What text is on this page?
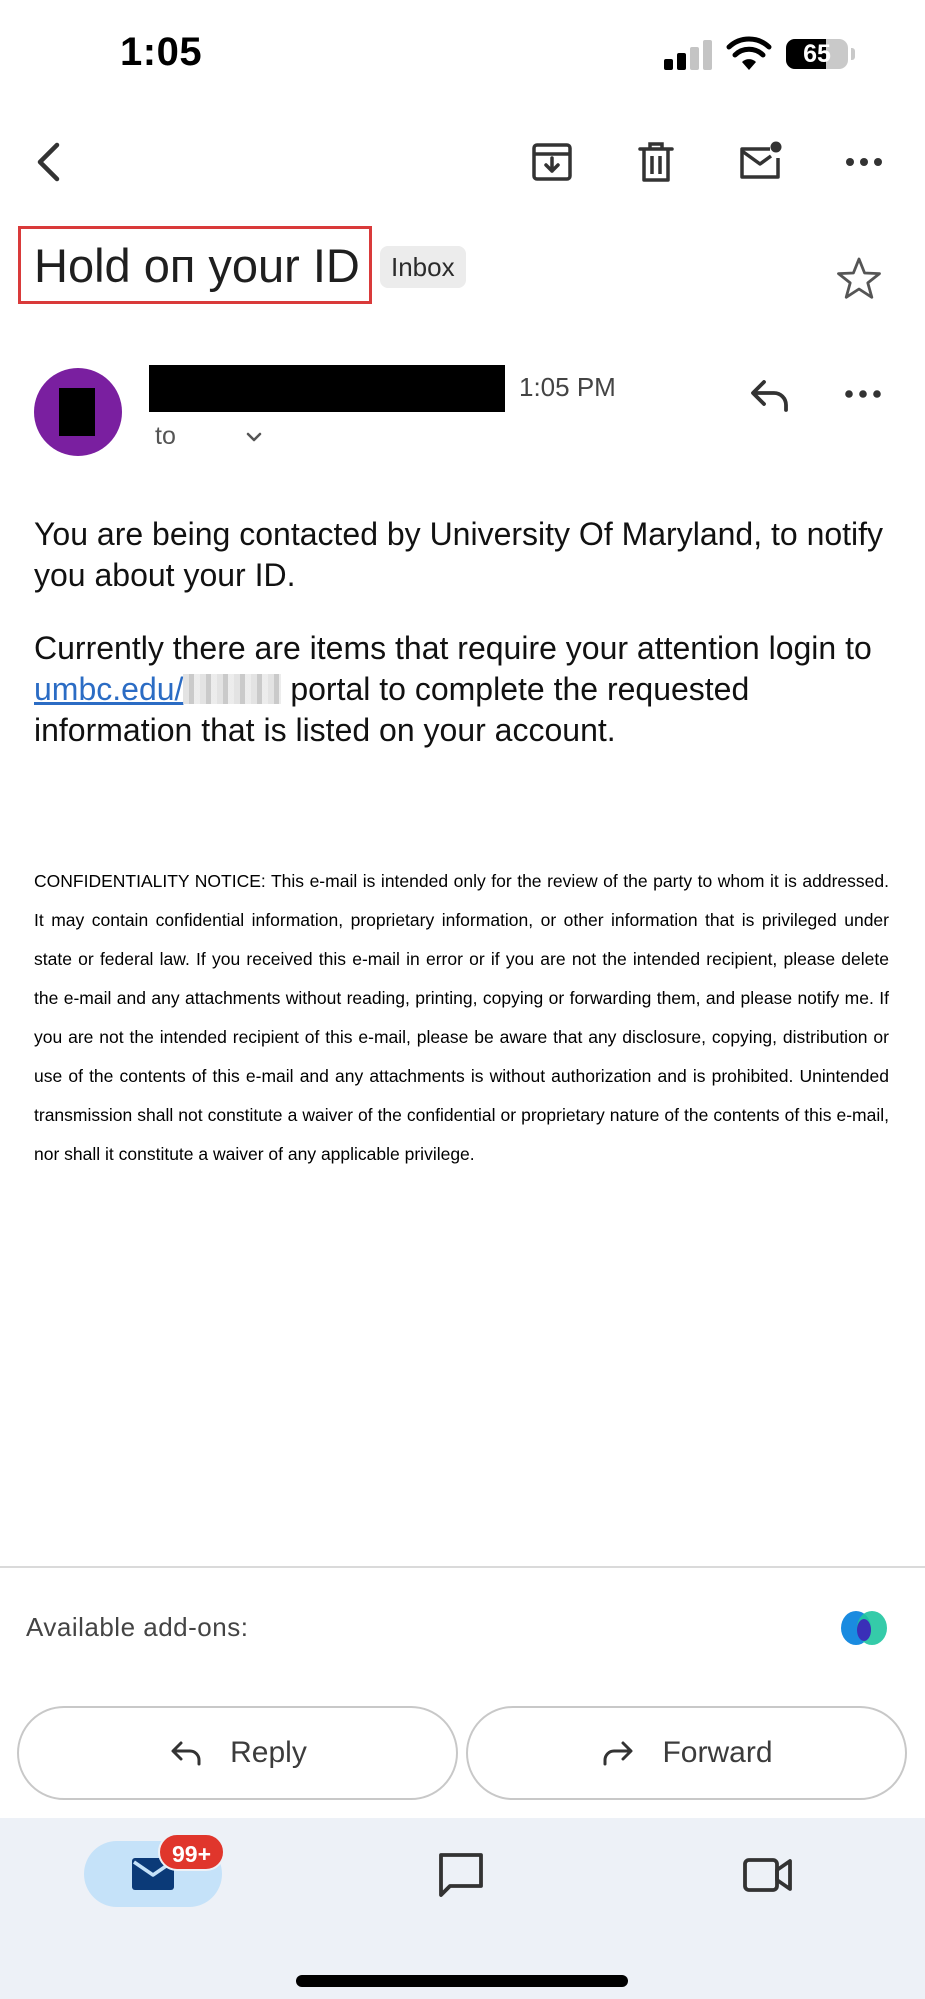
1:05	65
Hold oп your ID	Inbox
1:05 PM
to
You are being contacted by University Of Maryland, to notify you about your ID.
Currently there are items that require your attention login to umbc.edu/	portal to complete the requested information that is listed on your account.
CONFIDENTIALITY NOTICE: This e-mail is intended only for the review of the party to whom it is addressed. It may contain confidential information, proprietary information, or other information that is privileged under state or federal law. If you received this e-mail in error or if you are not the intended recipient, please delete the e-mail and any attachments without reading, printing, copying or forwarding them, and please notify me. If you are not the intended recipient of this e-mail, please be aware that any disclosure, copying, distribution or use of the contents of this e-mail and any attachments is without authorization and is prohibited. Unintended transmission shall not constitute a waiver of the confidential or proprietary nature of the contents of this e-mail, nor shall it constitute a waiver of any applicable privilege.
Available add-ons:
Reply	Forward
99+
